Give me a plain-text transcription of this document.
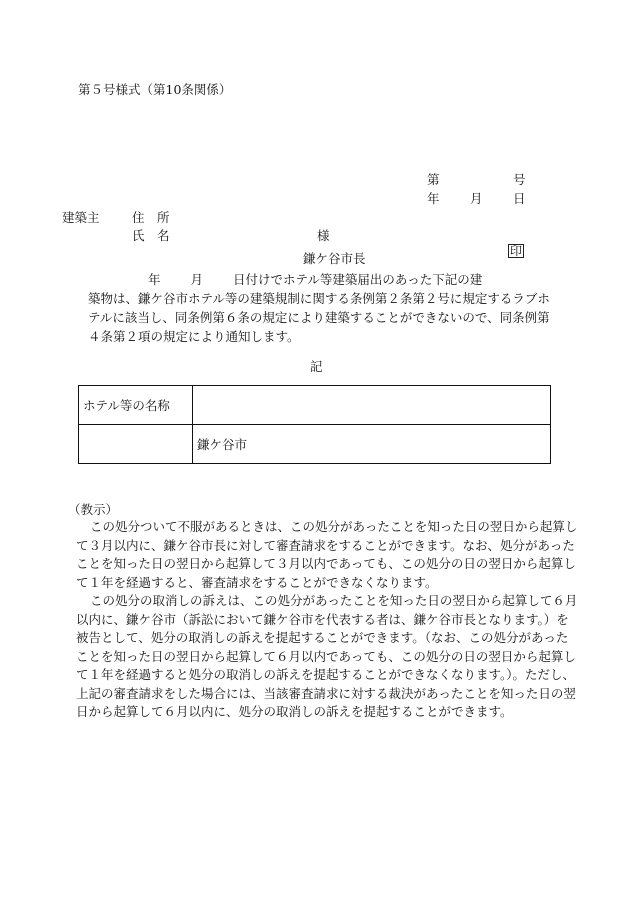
第５号様式（第10条関係）
第	号
年 月 日
建築主	住　所
氏　名	様
鎌ケ谷市長	印

年 月 日付けでホテル等建築届出のあった下記の建

築物は、鎌ケ谷市ホテル等の建築規制に関する条例第２条第２号に規定するラブホテルに該当し、同条例第６条の規定により建築することができないので、同条例第４条第２項の規定により通知します。

記
ホテル等の名称	
	鎌ケ谷市
（教示）

この処分ついて不服があるときは、この処分があったことを知った日の翌日から起算して３月以内に、鎌ケ谷市長に対して審査請求をすることができます。なお、処分があったことを知った日の翌日から起算して３月以内であっても、この処分の日の翌日から起算して１年を経過すると、審査請求をすることができなくなります。

この処分の取消しの訴えは、この処分があったことを知った日の翌日から起算して６月以内に、鎌ケ谷市（訴訟において鎌ケ谷市を代表する者は、鎌ケ谷市長となります。）を被告として、処分の取消しの訴えを提起することができます。（なお、この処分があったことを知った日の翌日から起算して６月以内であっても、この処分の日の翌日から起算して１年を経過すると処分の取消しの訴えを提起することができなくなります。）。ただし、上記の審査請求をした場合には、当該審査請求に対する裁決があったことを知った日の翌日から起算して６月以内に、処分の取消しの訴えを提起することができます。
